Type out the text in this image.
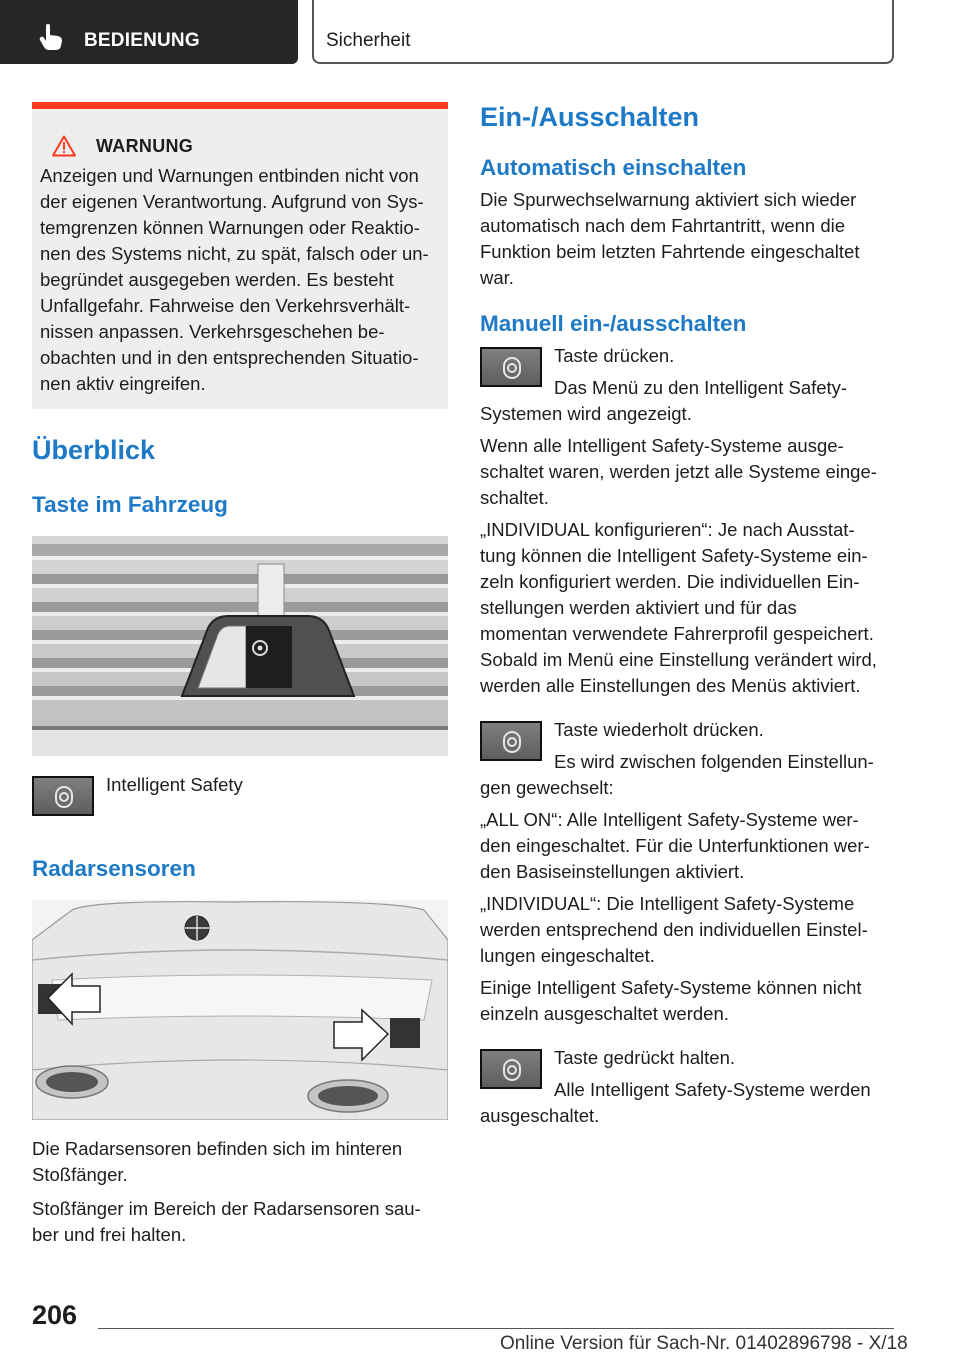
BEDIENUNG	Sicherheit
WARNUNG
Anzeigen und Warnungen entbinden nicht von
der eigenen Verantwortung. Aufgrund von Sys-
temgrenzen können Warnungen oder Reaktio-
nen des Systems nicht, zu spät, falsch oder un-
begründet ausgegeben werden. Es besteht
Unfallgefahr. Fahrweise den Verkehrsverhält-
nissen anpassen. Verkehrsgeschehen be-
obachten und in den entsprechenden Situatio-
nen aktiv eingreifen.
Überblick
Taste im Fahrzeug

Intelligent Safety

Radarsensoren

Die Radarsensoren befinden sich im hinteren
Stoßfänger.

Stoßfänger im Bereich der Radarsensoren sau-
ber und frei halten.

Ein-/Ausschalten
Automatisch einschalten

Die Spurwechselwarnung aktiviert sich wieder
automatisch nach dem Fahrtantritt, wenn die
Funktion beim letzten Fahrtende eingeschaltet
war.

Manuell ein-/ausschalten

Taste drücken.

Das Menü zu den Intelligent Safety-

Systemen wird angezeigt.

Wenn alle Intelligent Safety-Systeme ausge-
schaltet waren, werden jetzt alle Systeme einge-
schaltet.

„INDIVIDUAL konfigurieren“: Je nach Ausstat-
tung können die Intelligent Safety-Systeme ein-
zeln konfiguriert werden. Die individuellen Ein-
stellungen werden aktiviert und für das
momentan verwendete Fahrerprofil gespeichert.
Sobald im Menü eine Einstellung verändert wird,
werden alle Einstellungen des Menüs aktiviert.

Taste wiederholt drücken.

Es wird zwischen folgenden Einstellun-

gen gewechselt:

„ALL ON“: Alle Intelligent Safety-Systeme wer-
den eingeschaltet. Für die Unterfunktionen wer-
den Basiseinstellungen aktiviert.

„INDIVIDUAL“: Die Intelligent Safety-Systeme
werden entsprechend den individuellen Einstel-
lungen eingeschaltet.

Einige Intelligent Safety-Systeme können nicht
einzeln ausgeschaltet werden.

Taste gedrückt halten.

Alle Intelligent Safety-Systeme werden

ausgeschaltet.

206
Online Version für Sach-Nr. 01402896798 - X/18
